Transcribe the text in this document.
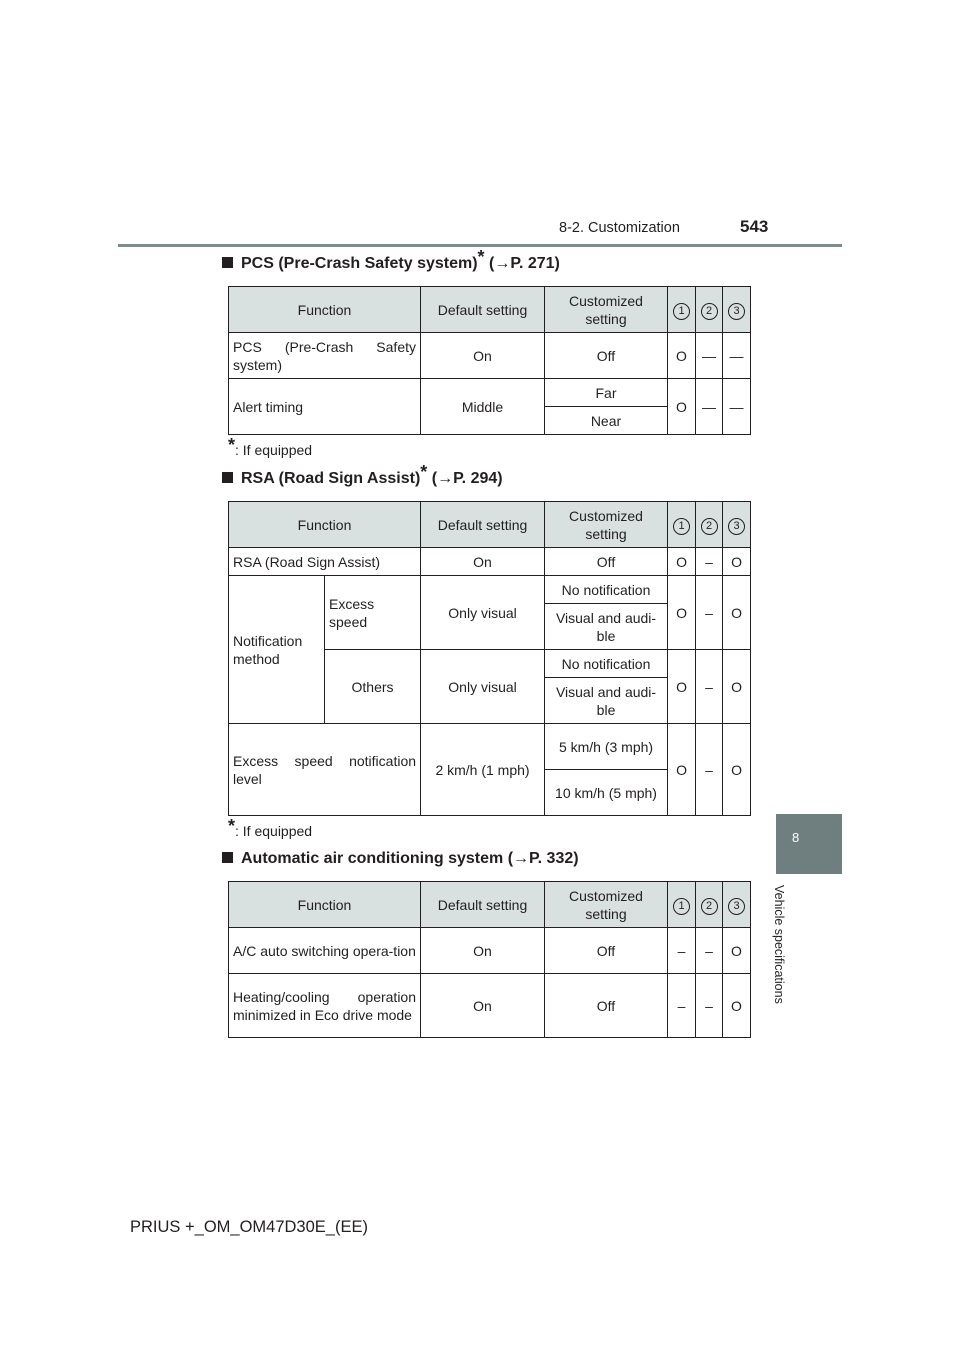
8-2. Customization	543
8
Vehicle specifications
PCS (Pre-Crash Safety system)* (→P. 271)
Function	Default setting	Customized setting	1	2	3
PCS (Pre-Crash Safety system)	On	Off	O	—	—
Alert timing	Middle	Far	O	—	—
		Near			
*: If equipped
RSA (Road Sign Assist)* (→P. 294)
Function		Default setting	Customized setting	1	2	3
RSA (Road Sign Assist)		On	Off	O	–	O
Notification method	Excess speed	Only visual	No notification	O	–	O
			Visual and audi-ble			
	Others	Only visual	No notification	O	–	O
			Visual and audi-ble			
Excess speed notification level		2 km/h (1 mph)	5 km/h (3 mph)	O	–	O
			10 km/h (5 mph)			
*: If equipped
Automatic air conditioning system (→P. 332)
Function	Default setting	Customized setting	1	2	3
A/C auto switching opera-tion	On	Off	–	–	O
Heating/cooling operation minimized in Eco drive mode	On	Off	–	–	O
PRIUS +_OM_OM47D30E_(EE)
